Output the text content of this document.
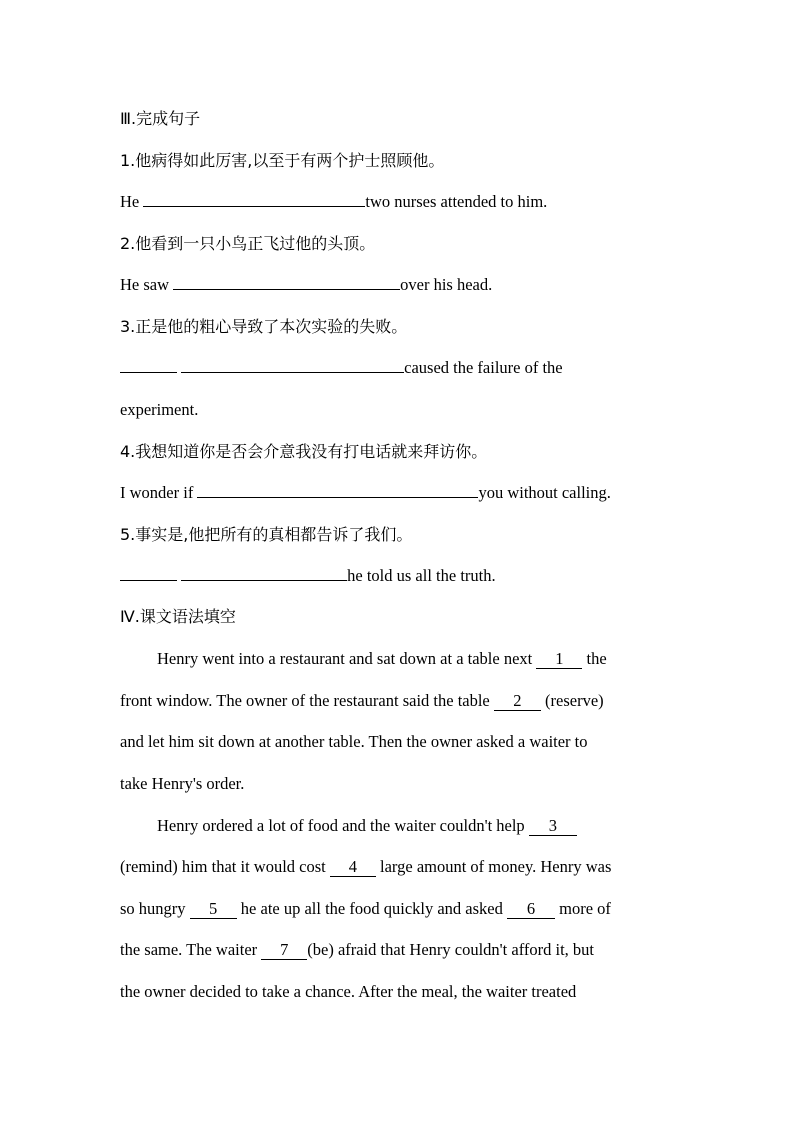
Ⅲ.完成句子
1.他病得如此厉害,以至于有两个护士照顾他。
He	two nurses attended to him.
2.他看到一只小鸟正飞过他的头顶。
He saw	over his head.
3.正是他的粗心导致了本次实验的失败。
caused the failure of the
experiment.
4.我想知道你是否会介意我没有打电话就来拜访你。
I wonder if	you without calling.
5.事实是,他把所有的真相都告诉了我们。
he told us all the truth.
Ⅳ.课文语法填空
Henry went into a restaurant and sat down at a table next 1 the
front window. The owner of the restaurant said the table 2 (reserve)
and let him sit down at another table. Then the owner asked a waiter to
take Henry's order.
Henry ordered a lot of food and the waiter couldn't help 3
(remind) him that it would cost 4 large amount of money. Henry was
so hungry 5 he ate up all the food quickly and asked 6 more of
the same. The waiter 7 (be) afraid that Henry couldn't afford it, but
the owner decided to take a chance. After the meal, the waiter treated
